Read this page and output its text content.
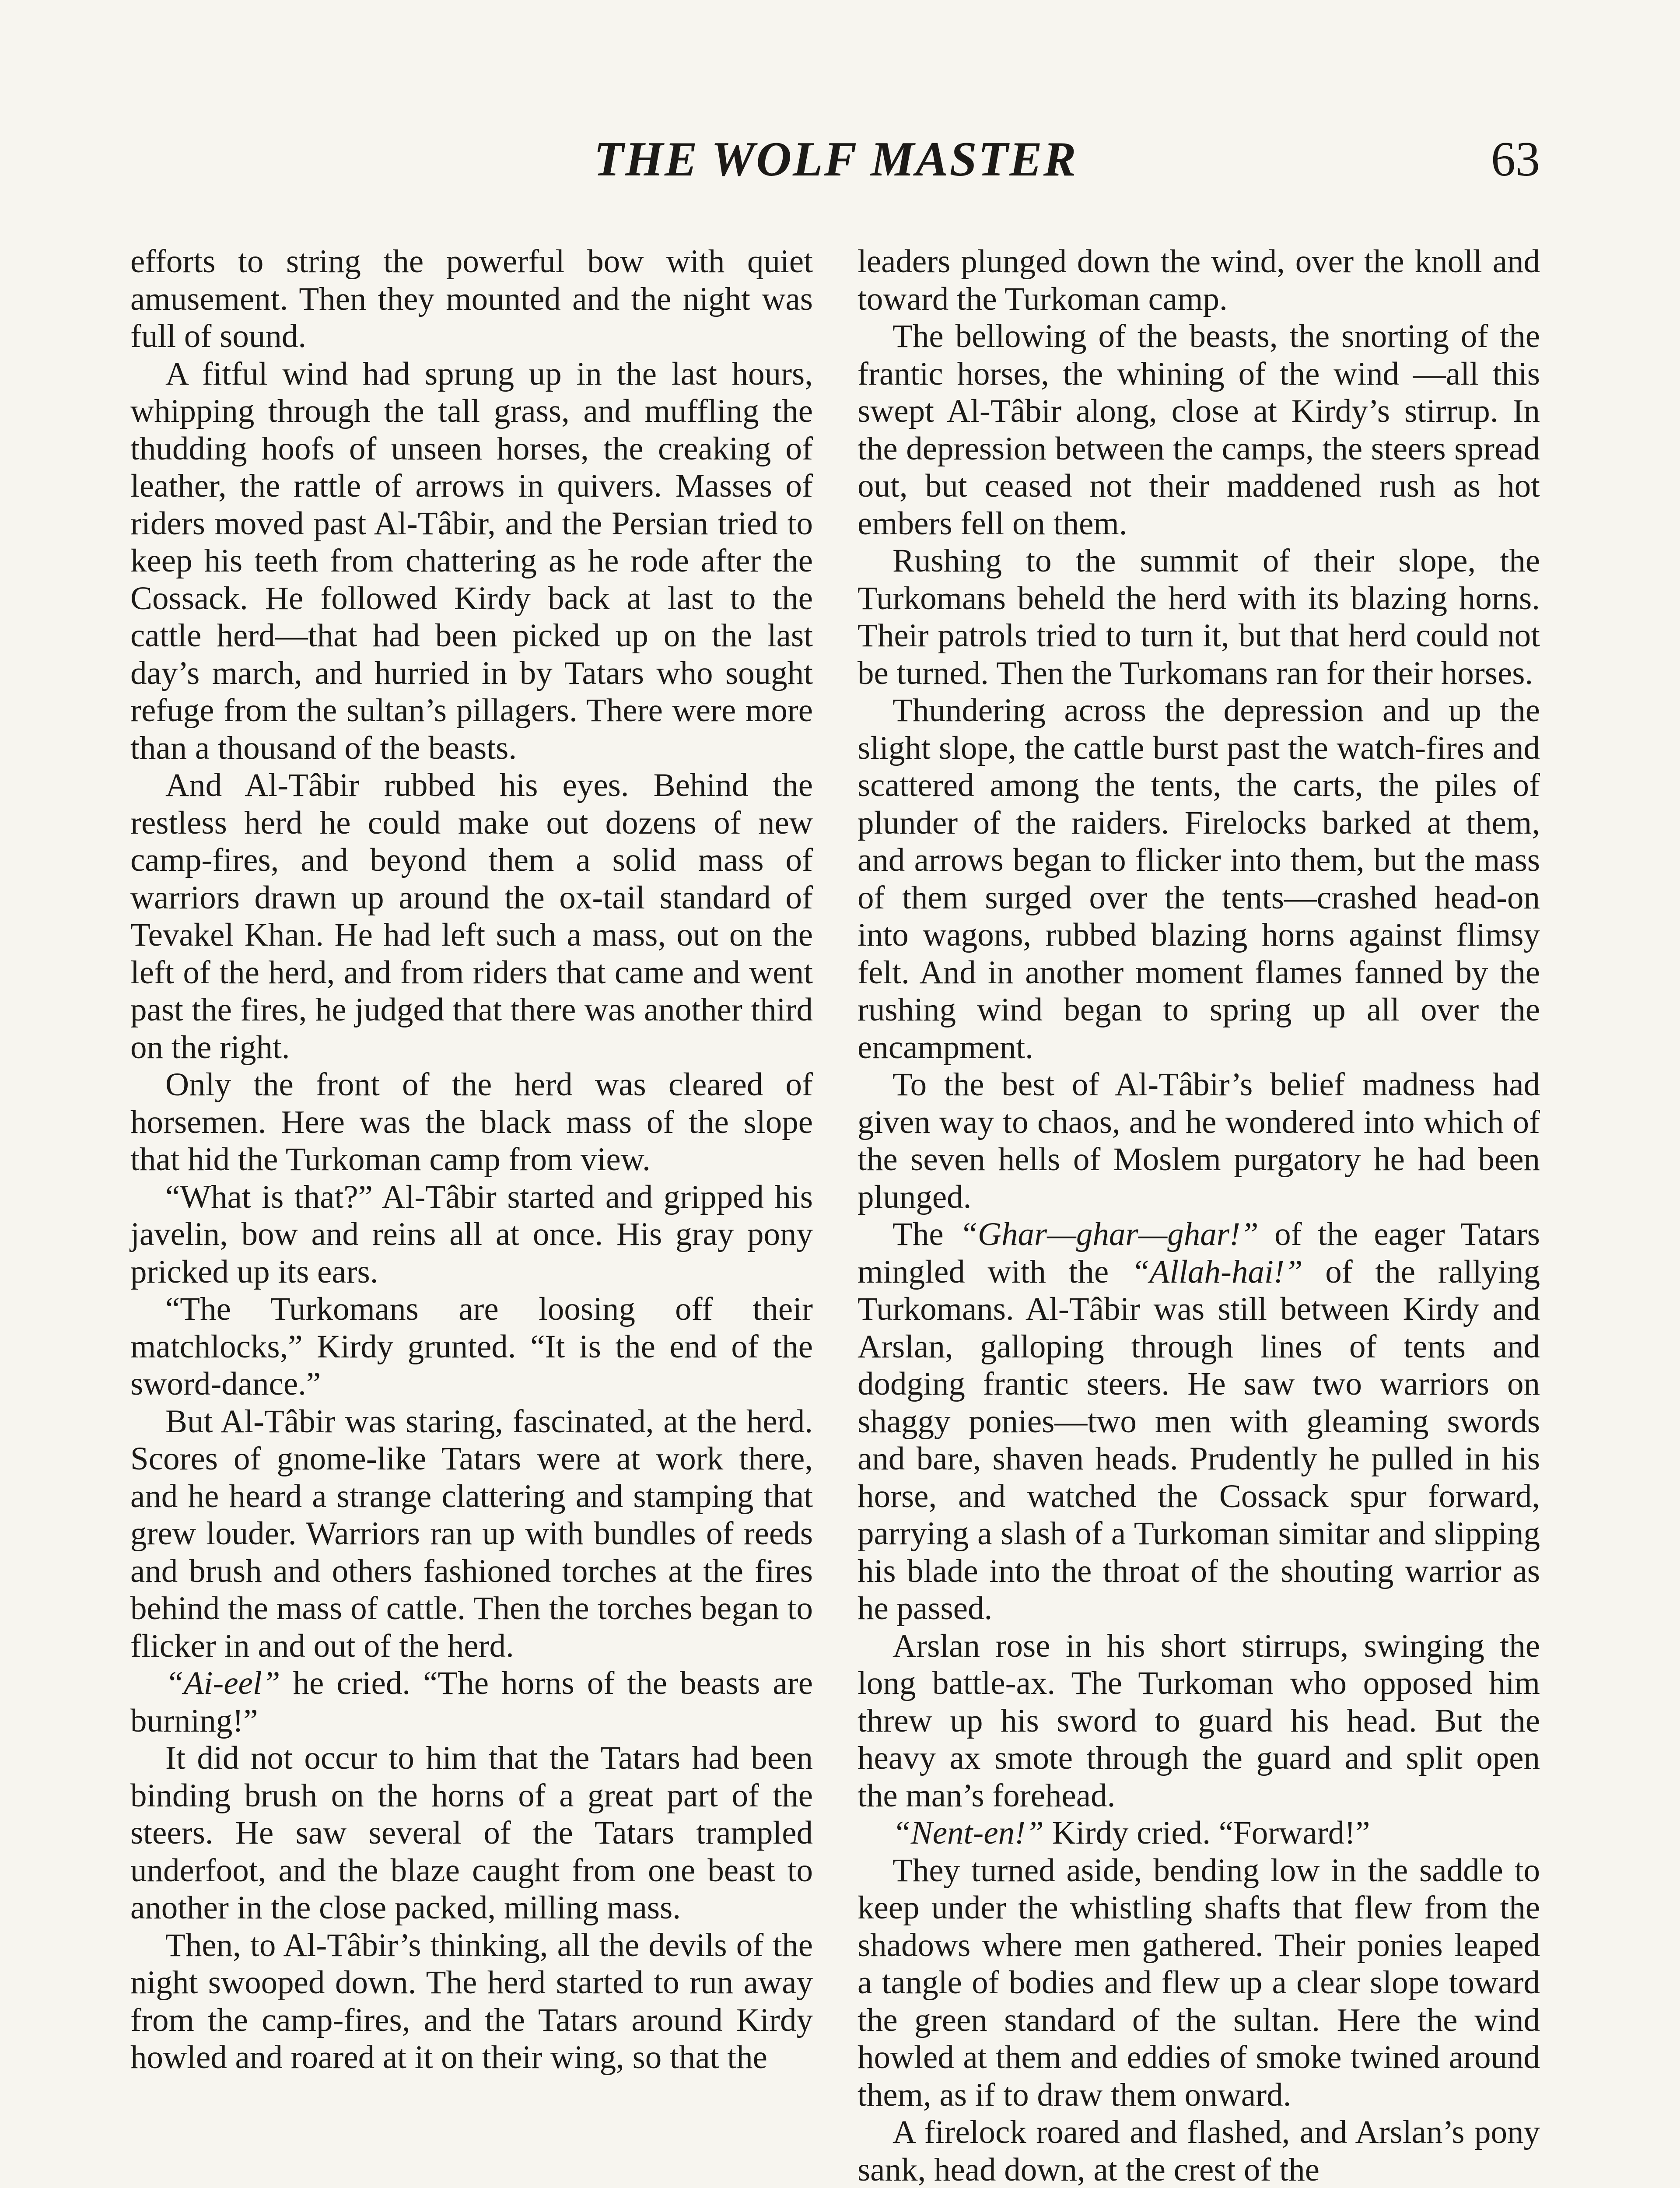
THE WOLF MASTER	63

efforts to string the powerful bow with quiet amusement. Then they mounted and the night was full of sound.

A fitful wind had sprung up in the last hours, whipping through the tall grass, and muffling the thudding hoofs of unseen horses, the creaking of leather, the rattle of arrows in quivers. Masses of riders moved past Al-Tâbir, and the Persian tried to keep his teeth from chattering as he rode after the Cossack. He followed Kirdy back at last to the cattle herd—that had been picked up on the last day’s march, and hurried in by Tatars who sought refuge from the sultan’s pillagers. There were more than a thousand of the beasts.

And Al-Tâbir rubbed his eyes. Behind the restless herd he could make out dozens of new camp-fires, and beyond them a solid mass of warriors drawn up around the ox-tail standard of Tevakel Khan. He had left such a mass, out on the left of the herd, and from riders that came and went past the fires, he judged that there was another third on the right.

Only the front of the herd was cleared of horsemen. Here was the black mass of the slope that hid the Turkoman camp from view.

“What is that?” Al-Tâbir started and gripped his javelin, bow and reins all at once. His gray pony pricked up its ears.

“The Turkomans are loosing off their matchlocks,” Kirdy grunted. “It is the end of the sword-dance.”

But Al-Tâbir was staring, fascinated, at the herd. Scores of gnome-like Tatars were at work there, and he heard a strange clattering and stamping that grew louder. Warriors ran up with bundles of reeds and brush and others fashioned torches at the fires behind the mass of cattle. Then the torches began to flicker in and out of the herd.

“Ai-eel” he cried. “The horns of the beasts are burning!”

It did not occur to him that the Tatars had been binding brush on the horns of a great part of the steers. He saw several of the Tatars trampled underfoot, and the blaze caught from one beast to another in the close packed, milling mass.

Then, to Al-Tâbir’s thinking, all the devils of the night swooped down. The herd started to run away from the camp-fires, and the Tatars around Kirdy howled and roared at it on their wing, so that the

leaders plunged down the wind, over the knoll and toward the Turkoman camp.

The bellowing of the beasts, the snorting of the frantic horses, the whining of the wind —all this swept Al-Tâbir along, close at Kirdy’s stirrup. In the depression between the camps, the steers spread out, but ceased not their maddened rush as hot embers fell on them.

Rushing to the summit of their slope, the Turkomans beheld the herd with its blazing horns. Their patrols tried to turn it, but that herd could not be turned. Then the Turkomans ran for their horses.

Thundering across the depression and up the slight slope, the cattle burst past the watch-fires and scattered among the tents, the carts, the piles of plunder of the raiders. Firelocks barked at them, and arrows began to flicker into them, but the mass of them surged over the tents—crashed head-on into wagons, rubbed blazing horns against flimsy felt. And in another moment flames fanned by the rushing wind began to spring up all over the encampment.

To the best of Al-Tâbir’s belief madness had given way to chaos, and he wondered into which of the seven hells of Moslem purgatory he had been plunged.

The “Ghar—ghar—ghar!” of the eager Tatars mingled with the “Allah-hai!” of the rallying Turkomans. Al-Tâbir was still between Kirdy and Arslan, galloping through lines of tents and dodging frantic steers. He saw two warriors on shaggy ponies—two men with gleaming swords and bare, shaven heads. Prudently he pulled in his horse, and watched the Cossack spur forward, parrying a slash of a Turkoman simitar and slipping his blade into the throat of the shouting warrior as he passed.

Arslan rose in his short stirrups, swinging the long battle-ax. The Turkoman who opposed him threw up his sword to guard his head. But the heavy ax smote through the guard and split open the man’s forehead.

“Nent-en!” Kirdy cried. “Forward!”

They turned aside, bending low in the saddle to keep under the whistling shafts that flew from the shadows where men gathered. Their ponies leaped a tangle of bodies and flew up a clear slope toward the green standard of the sultan. Here the wind howled at them and eddies of smoke twined around them, as if to draw them onward.

A firelock roared and flashed, and Arslan’s pony sank, head down, at the crest of the
